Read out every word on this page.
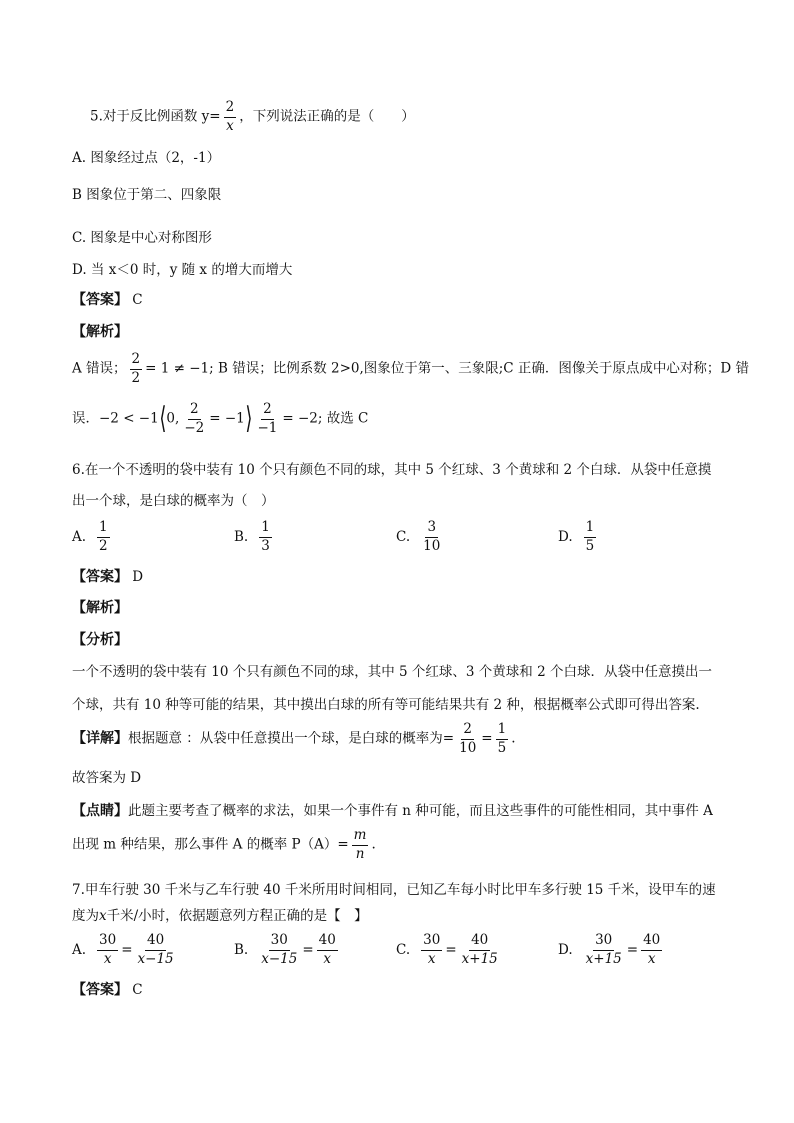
5.对于反比例函数 $y= \frac{2}{x}$ ，下列说法正确的是（　　）
A. 图象经过点（2，-1）
B 图象位于第二、四象限
C. 图象是中心对称图形
D. 当 x＜0 时，y 随 x 的增大而增大
【答案】 C
【解析】
A 错误； $\frac{2}{2} = 1 \ne -1$; B 错误；比例系数 2>0,图象位于第一、三象限;C 正确．图像关于原点成中心对称；D 错
误．−2 < −1⟨0, $\frac{2}{-2}$ = −1⟩ $\frac{2}{-1} = -2$; 故选 C
6.在一个不透明的袋中装有 10 个只有颜色不同的球，其中 5 个红球、3 个黄球和 2 个白球．从袋中任意摸
出一个球，是白球的概率为（　）
A. $\frac{1}{2}$	B. $\frac{1}{3}$	C. $\frac{3}{10}$	D. $\frac{1}{5}$
【答案】 D
【解析】
【分析】
一个不透明的袋中装有 10 个只有颜色不同的球，其中 5 个红球、3 个黄球和 2 个白球．从袋中任意摸出一
个球，共有 10 种等可能的结果，其中摸出白球的所有等可能结果共有 2 种，根据概率公式即可得出答案.
【详解】根据题意 ：从袋中任意摸出一个球，是白球的概率为= $\frac{2}{10} = \frac{1}{5}$ .
故答案为 D
【点睛】此题主要考查了概率的求法，如果一个事件有 n 种可能，而且这些事件的可能性相同，其中事件 A
出现 m 种结果，那么事件 A 的概率 $P(A)= \frac{m}{n}$ .
7.甲车行驶 30 千米与乙车行驶 40 千米所用时间相同，已知乙车每小时比甲车多行驶 15 千米，设甲车的速
度为x千米/小时，依据题意列方程正确的是【　】
A. $\frac{30}{x} = \frac{40}{x-15}$	B. $\frac{30}{x-15} = \frac{40}{x}$	C. $\frac{30}{x} = \frac{40}{x+15}$	D. $\frac{30}{x+15} = \frac{40}{x}$
【答案】 C
